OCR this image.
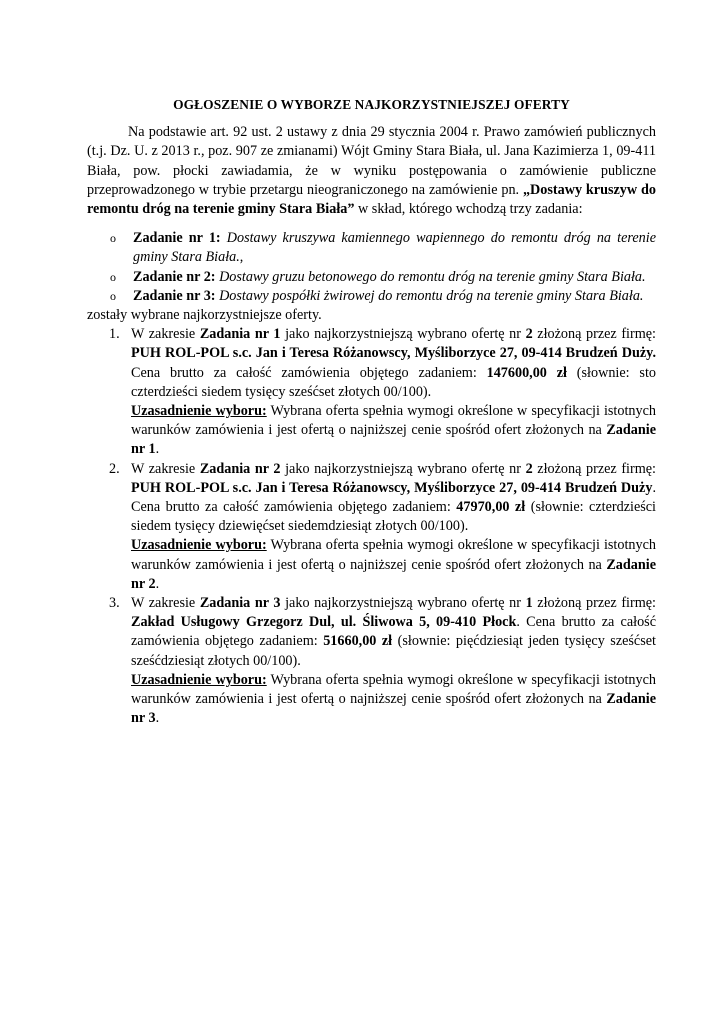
OGŁOSZENIE O WYBORZE NAJKORZYSTNIEJSZEJ OFERTY

Na podstawie art. 92 ust. 2 ustawy z dnia 29 stycznia 2004 r. Prawo zamówień publicznych (t.j. Dz. U. z 2013 r., poz. 907 ze zmianami) Wójt Gminy Stara Biała, ul. Jana Kazimierza 1, 09-411 Biała, pow. płocki zawiadamia, że w wyniku postępowania o zamówienie publiczne przeprowadzonego w trybie przetargu nieograniczonego na zamówienie pn. „Dostawy kruszyw do remontu dróg na terenie gminy Stara Biała” w skład, którego wchodzą trzy zadania:

o Zadanie nr 1: Dostawy kruszywa kamiennego wapiennego do remontu dróg na terenie gminy Stara Biała.,
o Zadanie nr 2: Dostawy gruzu betonowego do remontu dróg na terenie gminy Stara Biała.
o Zadanie nr 3: Dostawy pospółki żwirowej do remontu dróg na terenie gminy Stara Biała.

zostały wybrane najkorzystniejsze oferty.

1. W zakresie Zadania nr 1 jako najkorzystniejszą wybrano ofertę nr 2 złożoną przez firmę: PUH ROL-POL s.c. Jan i Teresa Różanowscy, Myśliborzyce 27, 09-414 Brudzeń Duży. Cena brutto za całość zamówienia objętego zadaniem: 147600,00 zł (słownie: sto czterdzieści siedem tysięcy sześćset złotych 00/100).
Uzasadnienie wyboru: Wybrana oferta spełnia wymogi określone w specyfikacji istotnych warunków zamówienia i jest ofertą o najniższej cenie spośród ofert złożonych na Zadanie nr 1.
2. W zakresie Zadania nr 2 jako najkorzystniejszą wybrano ofertę nr 2 złożoną przez firmę: PUH ROL-POL s.c. Jan i Teresa Różanowscy, Myśliborzyce 27, 09-414 Brudzeń Duży. Cena brutto za całość zamówienia objętego zadaniem: 47970,00 zł (słownie: czterdzieści siedem tysięcy dziewięćset siedemdziesiąt złotych 00/100).
Uzasadnienie wyboru: Wybrana oferta spełnia wymogi określone w specyfikacji istotnych warunków zamówienia i jest ofertą o najniższej cenie spośród ofert złożonych na Zadanie nr 2.
3. W zakresie Zadania nr 3 jako najkorzystniejszą wybrano ofertę nr 1 złożoną przez firmę: Zakład Usługowy Grzegorz Dul, ul. Śliwowa 5, 09-410 Płock. Cena brutto za całość zamówienia objętego zadaniem: 51660,00 zł (słownie: pięćdziesiąt jeden tysięcy sześćset sześćdziesiąt złotych 00/100).
Uzasadnienie wyboru: Wybrana oferta spełnia wymogi określone w specyfikacji istotnych warunków zamówienia i jest ofertą o najniższej cenie spośród ofert złożonych na Zadanie nr 3.
